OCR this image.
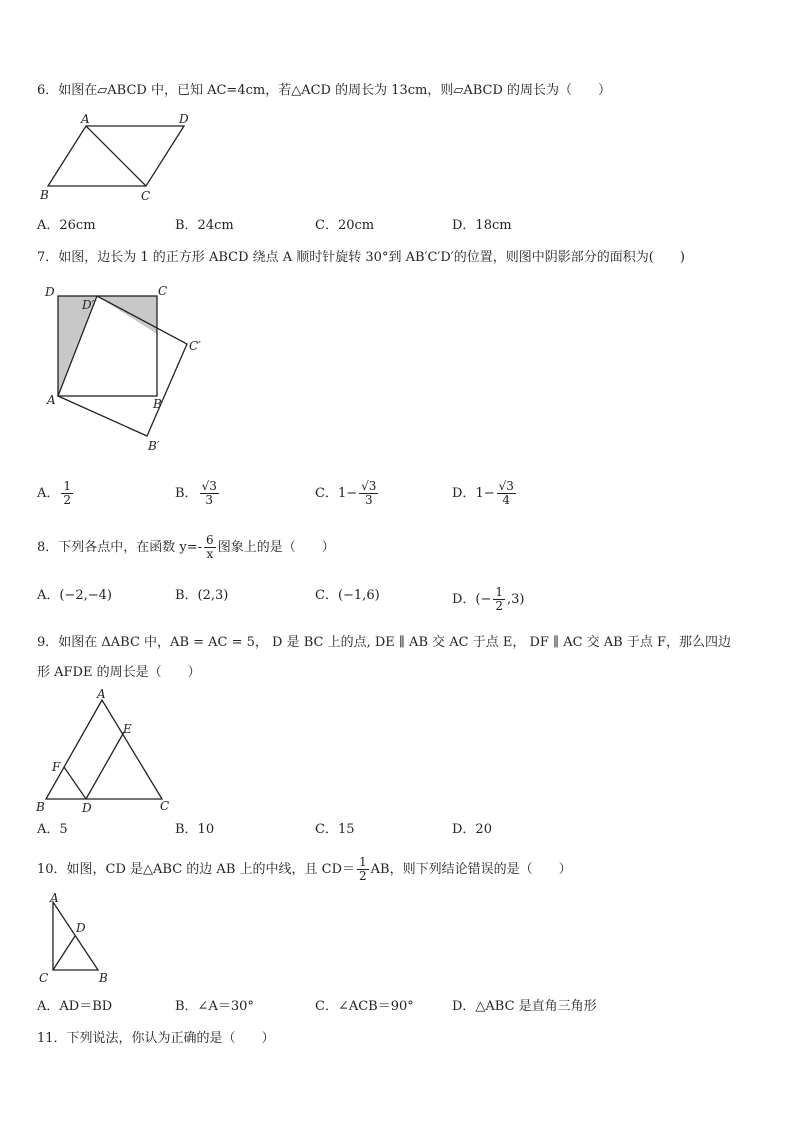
6．如图在▱ABCD 中，已知 AC=4cm，若△ACD 的周长为 13cm，则▱ABCD 的周长为（　　）
A	D
B	C
A．26cm	B．24cm	C．20cm	D．18cm
7．如图，边长为 1 的正方形 ABCD 绕点 A 顺时针旋转 30°到 AB′C′D′的位置，则图中阴影部分的面积为(　　)
D	C
D′
C′
A	B
B′
A． $\frac{1}{2}$	B． $\frac{√3}{3}$	C．$1- \frac{√3}{3}$	D．$1- \frac{√3}{4}$
8．下列各点中，在函数 $y=- \frac{6}{x}$ 图象上的是（　　）
A．(−2,−4)	B．(2,3)	C．(−1,6)	D．(− $\frac{1}{2} ,3$)
9．如图在 ΔABC 中，AB = AC = 5， D 是 BC 上的点, DE ∥ AB 交 AC 于点 E， DF ∥ AC 交 AB 于点 F，那么四边
形 AFDE 的周长是（　　）
A
E
F
B	D	C
A．5	B．10	C．15	D．20
10．如图，CD 是△ABC 的边 AB 上的中线，且 $CD= \frac{1}{2}$ AB，则下列结论错误的是（　　）
A
D
C	B
A．AD＝BD	B．∠A＝30°	C．∠ACB＝90°	D．△ABC 是直角三角形
11．下列说法，你认为正确的是（　　）
